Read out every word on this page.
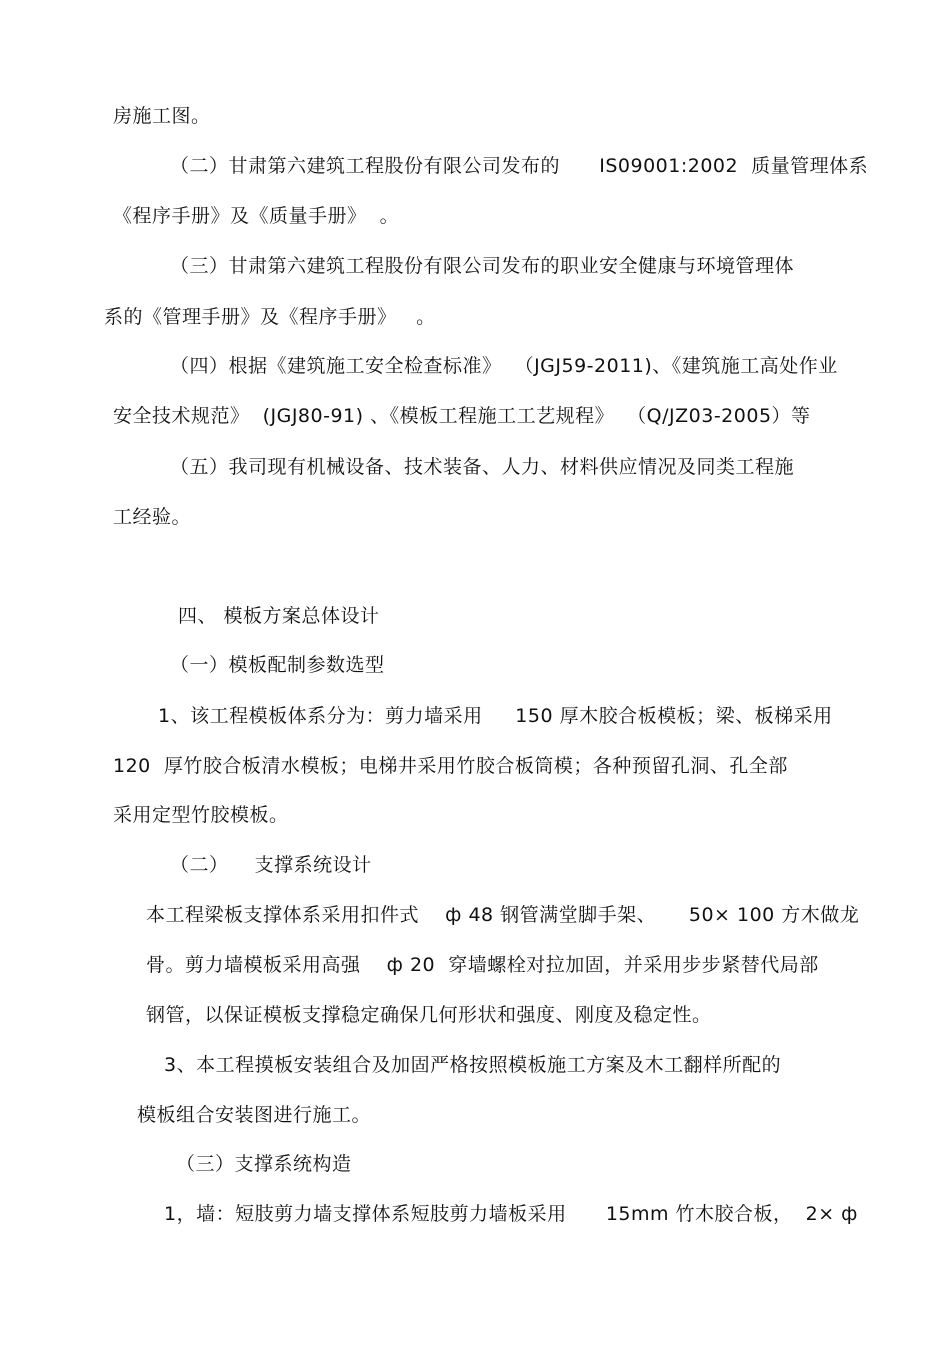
房施工图。
（二）甘肃第六建筑工程股份有限公司发布的      IS09001:2002  质量管理体系
《程序手册》及《质量手册》  。
（三）甘肃第六建筑工程股份有限公司发布的职业安全健康与环境管理体
系的《管理手册》及《程序手册》   。
（四）根据《建筑施工安全检查标准》  （JGJ59-2011)、《建筑施工高处作业
安全技术规范》  (JGJ80-91) 、《模板工程施工工艺规程》  （Q/JZ03-2005）等
（五）我司现有机械设备、技术装备、人力、材料供应情况及同类工程施
工经验。
四、 模板方案总体设计
（一）模板配制参数选型
1、该工程模板体系分为：剪力墙采用     150 厚木胶合板模板；梁、板梯采用
120  厚竹胶合板清水模板；电梯井采用竹胶合板筒模；各种预留孔洞、孔全部
采用定型竹胶模板。
（二）    支撑系统设计
本工程梁板支撑体系采用扣件式    ф 48 钢管满堂脚手架、     50× 100 方木做龙
骨。剪力墙模板采用高强    ф 20  穿墙螺栓对拉加固，并采用步步紧替代局部
钢管，以保证模板支撑稳定确保几何形状和强度、刚度及稳定性。
3、本工程摸板安装组合及加固严格按照模板施工方案及木工翻样所配的
模板组合安装图进行施工。
（三）支撑系统构造
1，墙：短肢剪力墙支撑体系短肢剪力墙板采用      15mm 竹木胶合板，  2× ф
